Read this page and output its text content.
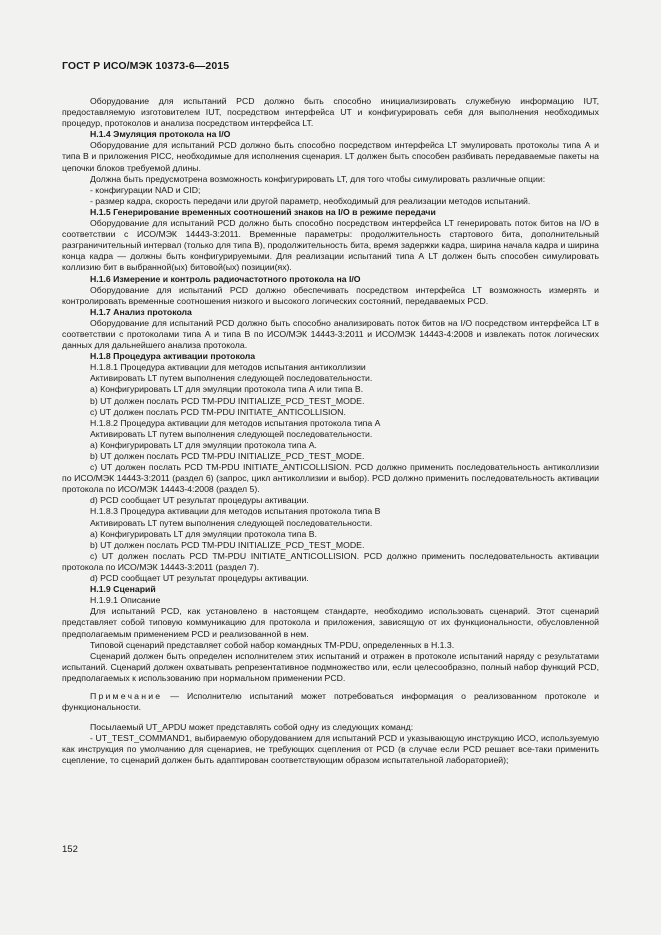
ГОСТ Р ИСО/МЭК 10373-6—2015
Оборудование для испытаний PCD должно быть способно инициализировать служебную информацию IUT, предоставляемую изготовителем IUT, посредством интерфейса UT и конфигурировать себя для выполнения необходимых процедур, протоколов и анализа посредством интерфейса LT.
H.1.4 Эмуляция протокола на I/O
Оборудование для испытаний PCD должно быть способно посредством интерфейса LT эмулировать протоколы типа А и типа В и приложения PICC, необходимые для исполнения сценария. LT должен быть способен разбивать передаваемые пакеты на цепочки блоков требуемой длины.
Должна быть предусмотрена возможность конфигурировать LT, для того чтобы симулировать различные опции:
- конфигурации NAD и CID;
- размер кадра, скорость передачи или другой параметр, необходимый для реализации методов испытаний.
H.1.5 Генерирование временных соотношений знаков на I/O в режиме передачи
Оборудование для испытаний PCD должно быть способно посредством интерфейса LT генерировать поток битов на I/O в соответствии с ИСО/МЭК 14443-3:2011. Временные параметры: продолжительность стартового бита, дополнительный разграничительный интервал (только для типа В), продолжительность бита, время задержки кадра, ширина начала кадра и ширина конца кадра — должны быть конфигурируемыми. Для реализации испытаний типа А LT должен быть способен симулировать коллизию бит в выбранной(ых) битовой(ых) позиции(ях).
H.1.6 Измерение и контроль радиочастотного протокола на I/O
Оборудование для испытаний PCD должно обеспечивать посредством интерфейса LT возможность измерять и контролировать временные соотношения низкого и высокого логических состояний, передаваемых PCD.
H.1.7 Анализ протокола
Оборудование для испытаний PCD должно быть способно анализировать поток битов на I/O посредством интерфейса LT в соответствии с протоколами типа А и типа В по ИСО/МЭК 14443-3:2011 и ИСО/МЭК 14443-4:2008 и извлекать поток логических данных для дальнейшего анализа протокола.
H.1.8 Процедура активации протокола
H.1.8.1 Процедура активации для методов испытания антиколлизии
Активировать LT путем выполнения следующей последовательности.
a) Конфигурировать LT для эмуляции протокола типа А или типа В.
b) UT должен послать PCD TM-PDU INITIALIZE_PCD_TEST_MODE.
c) UT должен послать PCD TM-PDU INITIATE_ANTICOLLISION.
H.1.8.2 Процедура активации для методов испытания протокола типа А
Активировать LT путем выполнения следующей последовательности.
a) Конфигурировать LT для эмуляции протокола типа А.
b) UT должен послать PCD TM-PDU INITIALIZE_PCD_TEST_MODE.
c) UT должен послать PCD TM-PDU INITIATE_ANTICOLLISION. PCD должно применить последовательность антиколлизии по ИСО/МЭК 14443-3:2011 (раздел 6) (запрос, цикл антиколлизии и выбор). PCD должно применить последовательность активации протокола по ИСО/МЭК 14443-4:2008 (раздел 5).
d) PCD сообщает UT результат процедуры активации.
H.1.8.3 Процедура активации для методов испытания протокола типа В
Активировать LT путем выполнения следующей последовательности.
a) Конфигурировать LT для эмуляции протокола типа В.
b) UT должен послать PCD TM-PDU INITIALIZE_PCD_TEST_MODE.
c) UT должен послать PCD TM-PDU INITIATE_ANTICOLLISION. PCD должно применить последовательность активации протокола по ИСО/МЭК 14443-3:2011 (раздел 7).
d) PCD сообщает UT результат процедуры активации.
H.1.9 Сценарий
H.1.9.1 Описание
Для испытаний PCD, как установлено в настоящем стандарте, необходимо использовать сценарий. Этот сценарий представляет собой типовую коммуникацию для протокола и приложения, зависящую от их функциональности, обусловленной предполагаемым применением PCD и реализованной в нем.
Типовой сценарий представляет собой набор командных TM-PDU, определенных в H.1.3.
Сценарий должен быть определен исполнителем этих испытаний и отражен в протоколе испытаний наряду с результатами испытаний. Сценарий должен охватывать репрезентативное подмножество или, если целесообразно, полный набор функций PCD, предполагаемых к использованию при нормальном применении PCD.
Примечание — Исполнителю испытаний может потребоваться информация о реализованном протоколе и функциональности.
Посылаемый UT_APDU может представлять собой одну из следующих команд:
- UT_TEST_COMMAND1, выбираемую оборудованием для испытаний PCD и указывающую инструкцию ИСО, используемую как инструкция по умолчанию для сценариев, не требующих сцепления от PCD (в случае если PCD решает все-таки применить сцепление, то сценарий должен быть адаптирован соответствующим образом испытательной лабораторией);
152
